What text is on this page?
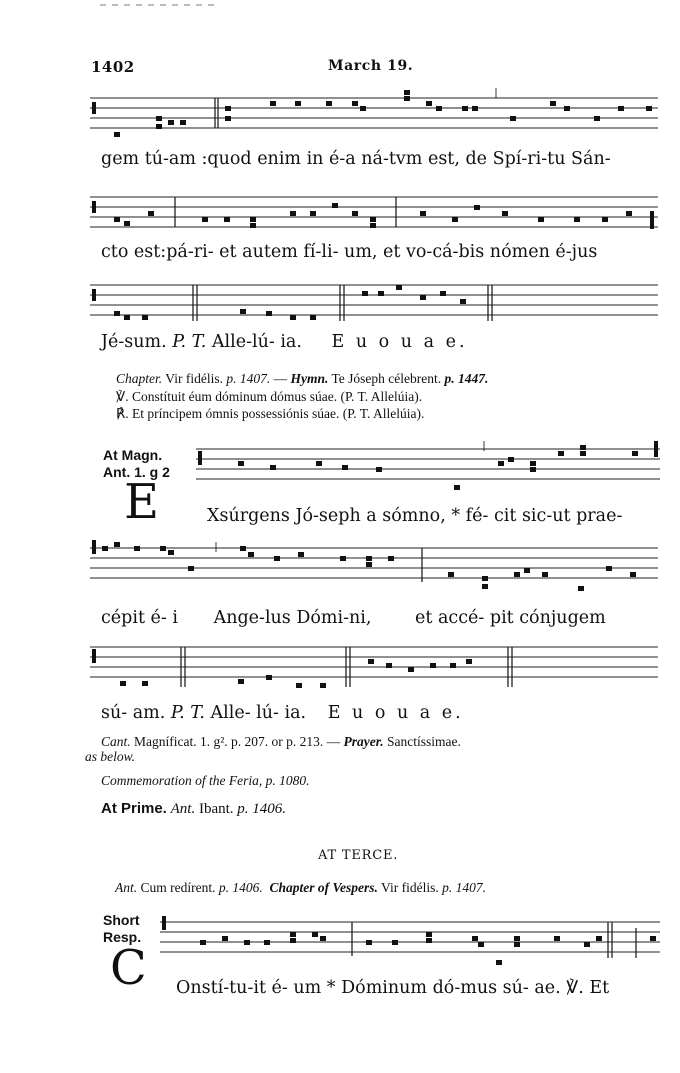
1402	March 19.
gem tú-am :quod enim in é-a ná-tvm est, de Spí-ri-tu Sán-
cto est:pá-ri- et autem fí-li- um, et vo-cá-bis nómen é-jus
Jé-sum. P. T. Alle-lú- ia. E u o u a e.
Chapter. Vir fidélis. p. 1407. — Hymn. Te Jóseph célebrent. p. 1447.
℣. Constítuit éum dóminum dómus súae. (P. T. Allelúia).
℟. Et príncipem ómnis possessiónis súae. (P. T. Allelúia).
At Magn.
Ant. 1. g 2
E	Xsúrgens Jó-seph a sómno, * fé- cit sic-ut prae-
cépit é- i Ange-lus Dómi-ni, et accé- pit cónjugem
sú- am. P. T. Alle- lú- ia. E u o u a e.
Cant. Magníficat. 1. g². p. 207. or p. 213. — Prayer. Sanctíssimae.
as below.
Commemoration of the Feria, p. 1080.
At Prime. Ant. Ibant. p. 1406.
AT TERCE.
Ant. Cum redírent. p. 1406. Chapter of Vespers. Vir fidélis. p. 1407.
Short
Resp.
C Onstí-tu-it é- um * Dóminum dó-mus sú- ae. ℣. Et
